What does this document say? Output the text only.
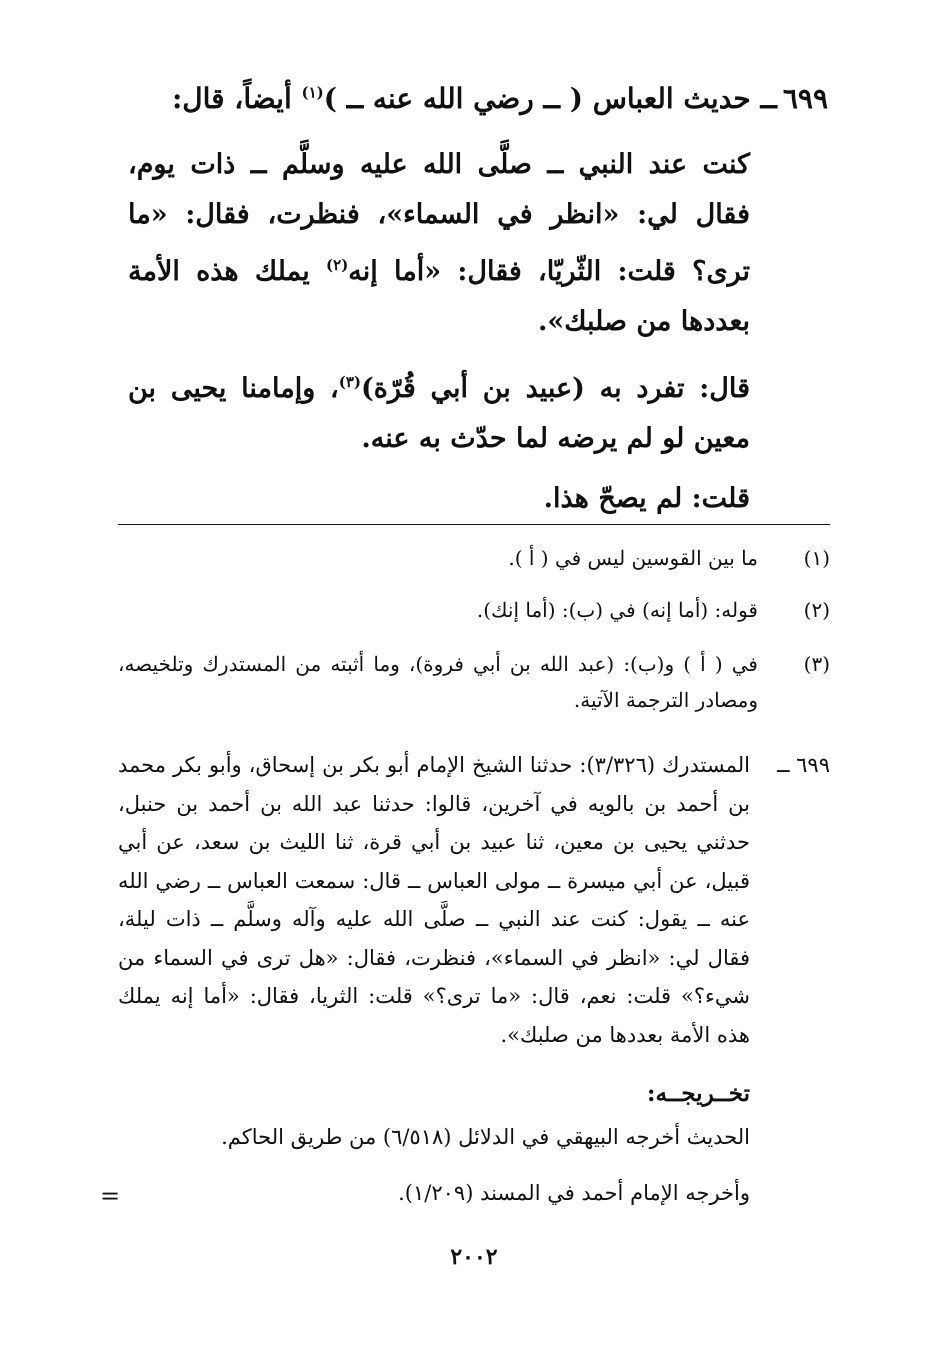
٦٩٩ــ حديث العباس ( ــ رضي الله عنه ــ )$^{(١)}$ أيضاً، قال:

كنت عند النبي ــ صلَّى الله عليه وسلَّم ــ ذات يوم، فقال لي: «انظر في السماء»، فنظرت، فقال: «ما ترى؟ قلت: الثّريّا، فقال: «أما إنه$^{(٢)}$ يملك هذه الأمة بعددها من صلبك».

قال: تفرد به (عبيد بن أبي قُرّة)$^{(٣)}$، وإمامنا يحيى بن معين لو لم يرضه لما حدّث به عنه.

قلت: لم يصحّ هذا.

(١)
ما بين القوسين ليس في ( أ ).
(٢)
قوله: (أما إنه) في (ب): (أما إنك).
(٣)
في ( أ ) و(ب): (عبد الله بن أبي فروة)، وما أثبته من المستدرك وتلخيصه، ومصادر الترجمة الآتية.
٦٩٩ ــ
المستدرك (٣/٣٢٦): حدثنا الشيخ الإمام أبو بكر بن إسحاق، وأبو بكر محمد بن أحمد بن بالويه في آخرين، قالوا: حدثنا عبد الله بن أحمد بن حنبل، حدثني يحيى بن معين، ثنا عبيد بن أبي قرة، ثنا الليث بن سعد، عن أبي قبيل، عن أبي ميسرة ــ مولى العباس ــ قال: سمعت العباس ــ رضي الله عنه ــ يقول: كنت عند النبي ــ صلَّى الله عليه وآله وسلَّم ــ ذات ليلة، فقال لي: «انظر في السماء»، فنظرت، فقال: «هل ترى في السماء من شيء؟» قلت: نعم، قال: «ما ترى؟» قلت: الثريا، فقال: «أما إنه يملك هذه الأمة بعددها من صلبك».
تخــريجــه:
الحديث أخرجه البيهقي في الدلائل (٦/٥١٨) من طريق الحاكم.
وأخرجه الإمام أحمد في المسند (١/٢٠٩).
=
٢٠٠٢
